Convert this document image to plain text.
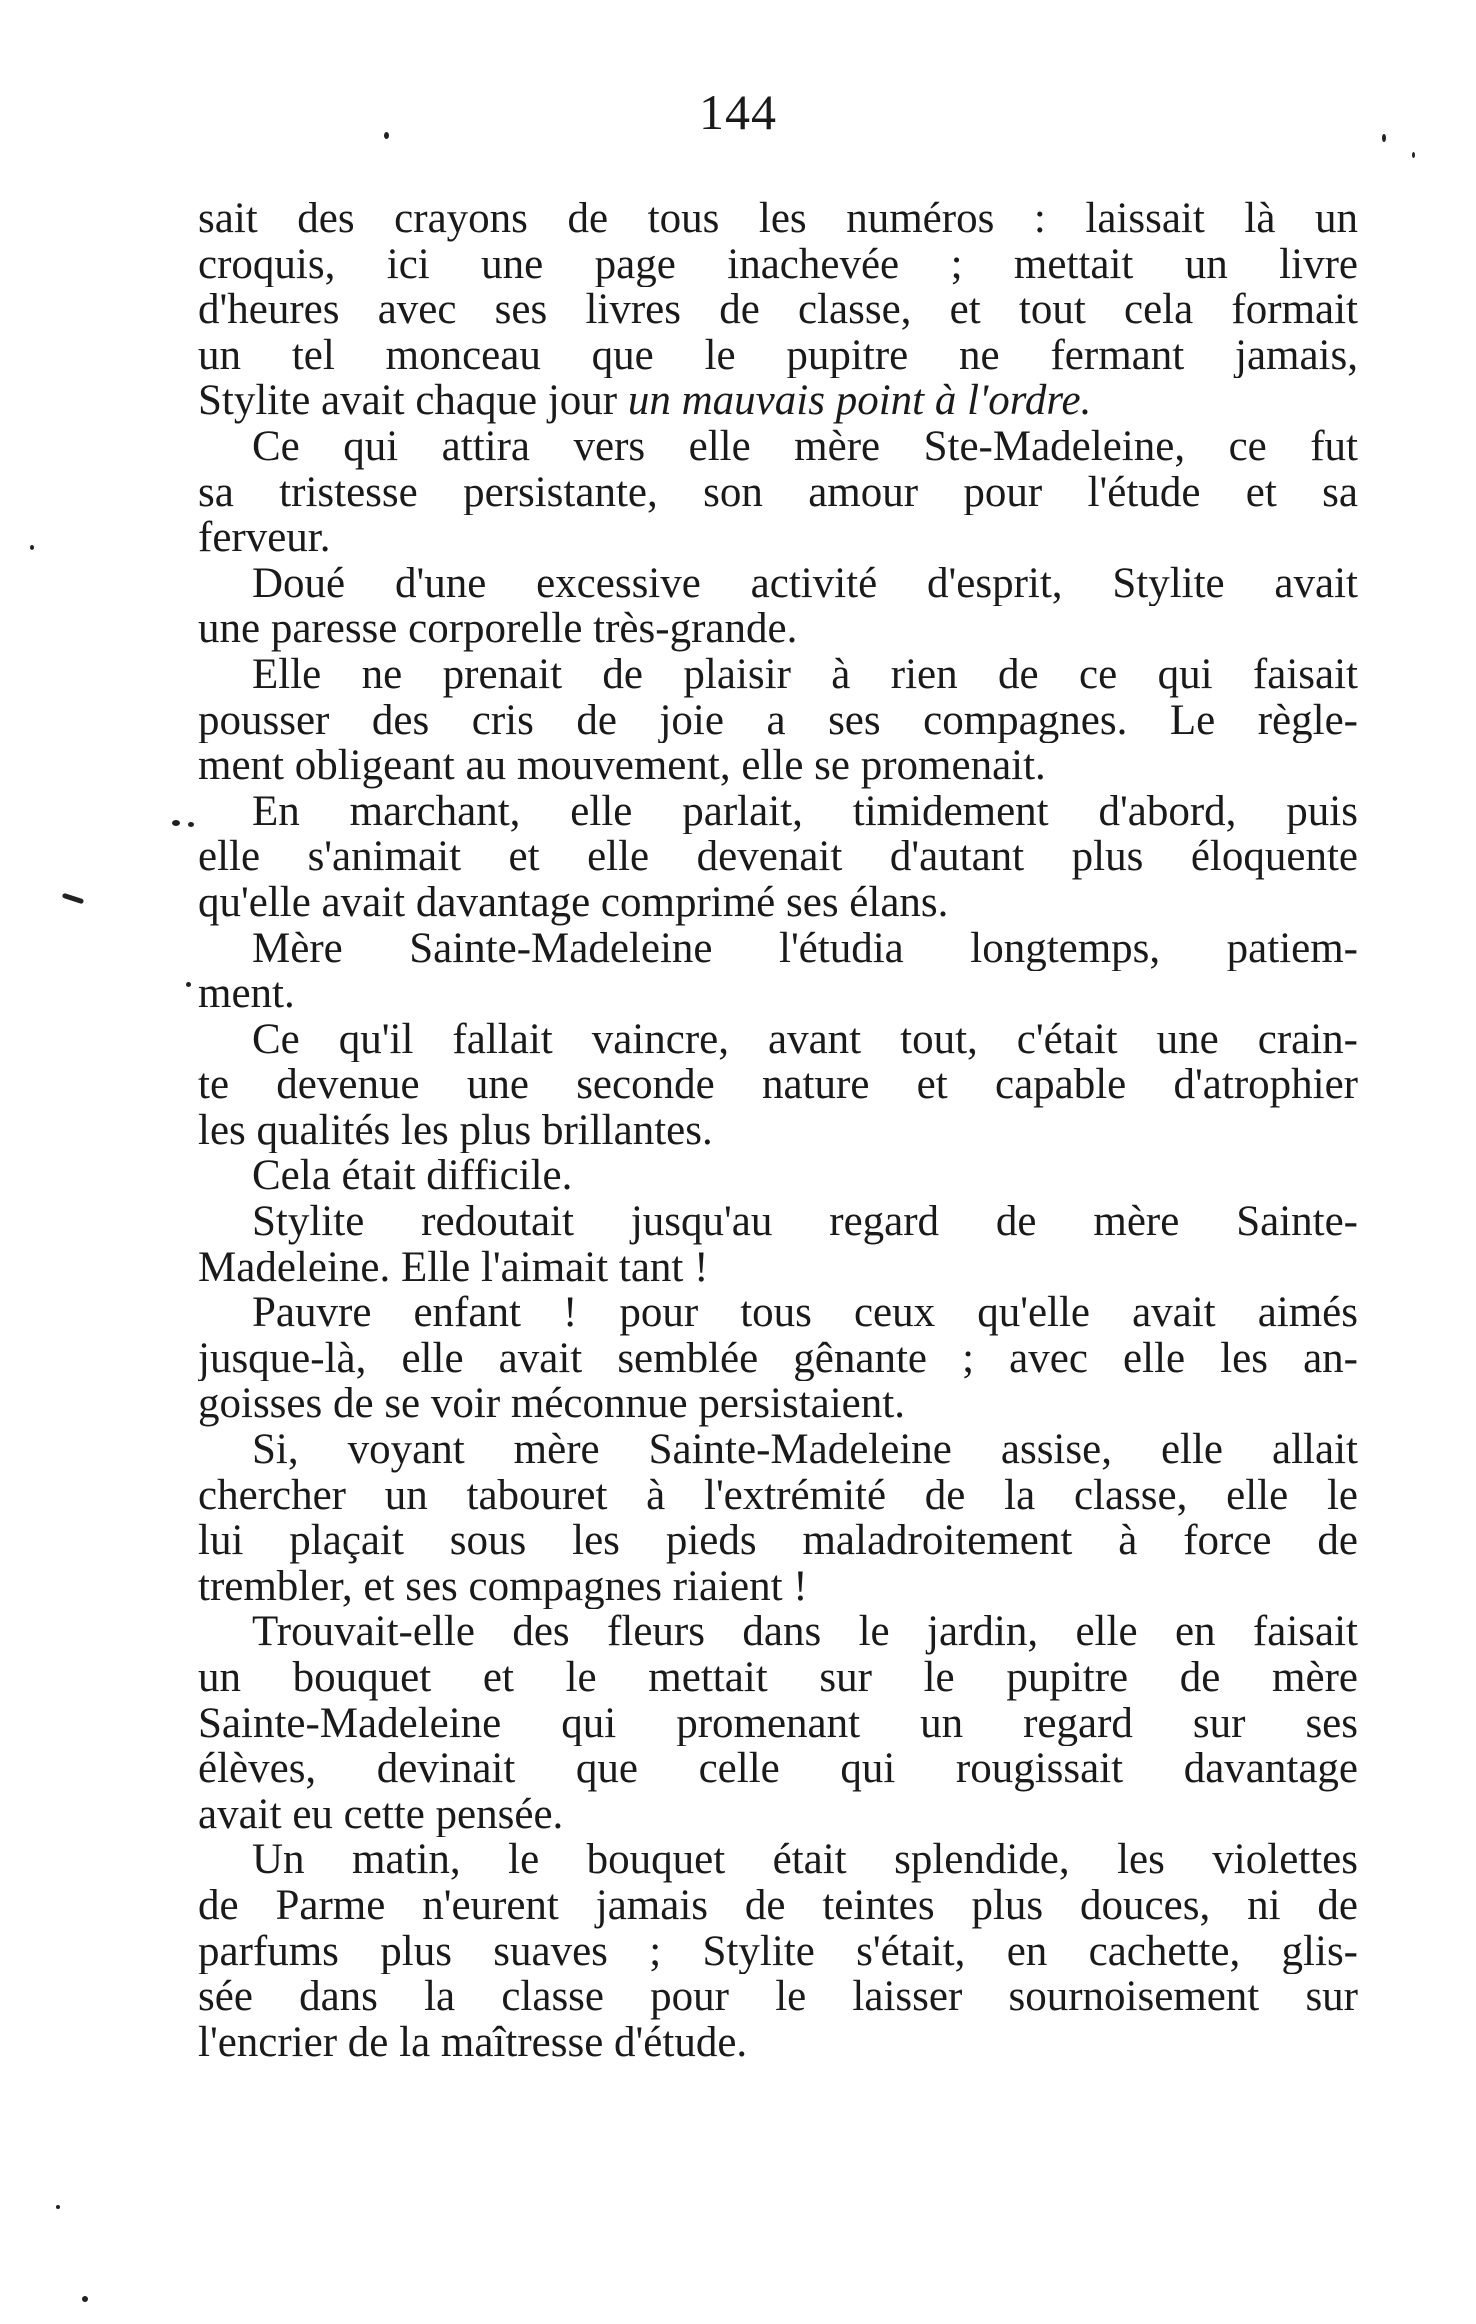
144
sait des crayons de tous les numéros : laissait là un
croquis, ici une page inachevée ; mettait un livre
d'heures avec ses livres de classe, et tout cela formait
un tel monceau que le pupitre ne fermant jamais,
Stylite avait chaque jour un mauvais point à l'ordre.
Ce qui attira vers elle mère Ste-Madeleine, ce fut
sa tristesse persistante, son amour pour l'étude et sa
ferveur.
Doué d'une excessive activité d'esprit, Stylite avait
une paresse corporelle très-grande.
Elle ne prenait de plaisir à rien de ce qui faisait
pousser des cris de joie a ses compagnes. Le règle-
ment obligeant au mouvement, elle se promenait.
En marchant, elle parlait, timidement d'abord, puis
elle s'animait et elle devenait d'autant plus éloquente
qu'elle avait davantage comprimé ses élans.
Mère Sainte-Madeleine l'étudia longtemps, patiem-
ment.
Ce qu'il fallait vaincre, avant tout, c'était une crain-
te devenue une seconde nature et capable d'atrophier
les qualités les plus brillantes.
Cela était difficile.
Stylite redoutait jusqu'au regard de mère Sainte-
Madeleine. Elle l'aimait tant !
Pauvre enfant ! pour tous ceux qu'elle avait aimés
jusque-là, elle avait semblée gênante ; avec elle les an-
goisses de se voir méconnue persistaient.
Si, voyant mère Sainte-Madeleine assise, elle allait
chercher un tabouret à l'extrémité de la classe, elle le
lui plaçait sous les pieds maladroitement à force de
trembler, et ses compagnes riaient !
Trouvait-elle des fleurs dans le jardin, elle en faisait
un bouquet et le mettait sur le pupitre de mère
Sainte-Madeleine qui promenant un regard sur ses
élèves, devinait que celle qui rougissait davantage
avait eu cette pensée.
Un matin, le bouquet était splendide, les violettes
de Parme n'eurent jamais de teintes plus douces, ni de
parfums plus suaves ; Stylite s'était, en cachette, glis-
sée dans la classe pour le laisser sournoisement sur
l'encrier de la maîtresse d'étude.
